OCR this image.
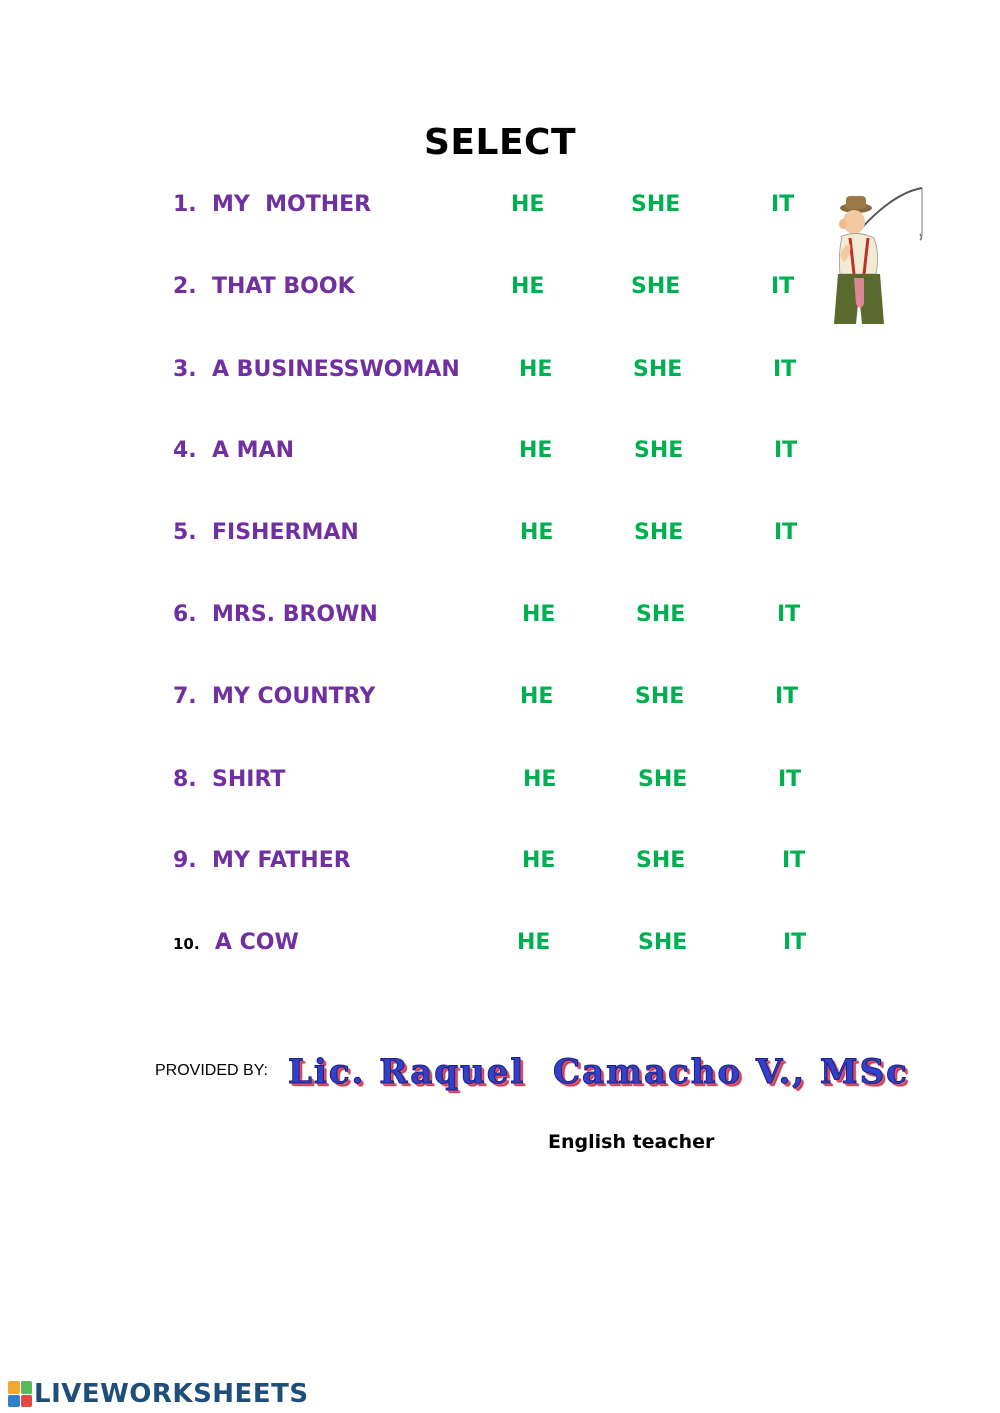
SELECT
1. MY  MOTHER	HE	SHE	IT
2. THAT BOOK	HE	SHE	IT
3. A BUSINESSWOMAN	HE	SHE	IT
4. A MAN	HE	SHE	IT
5. FISHERMAN	HE	SHE	IT
6. MRS. BROWN	HE	SHE	IT
7. MY COUNTRY	HE	SHE	IT
8. SHIRT	HE	SHE	IT
9. MY FATHER	HE	SHE	IT
10. A COW	HE	SHE	IT
PROVIDED BY: Lic. Raquel  Camacho V., MSc
English teacher
LIVEWORKSHEETS
